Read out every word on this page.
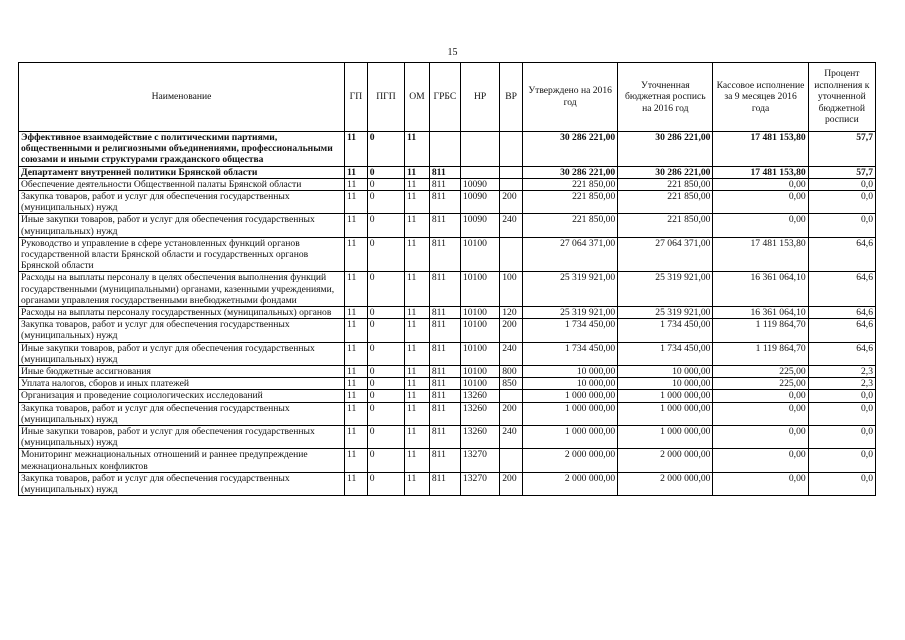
15
Наименование	ГП	ПГП	ОМ	ГРБС	НР	ВР	Утверждено на 2016 год	Уточненная бюджетная роспись на 2016 год	Кассовое исполнение за 9 месяцев 2016 года	Процент исполнения к уточненной бюджетной росписи
Эффективное взаимодействие с политическими партиями, общественными и религиозными объединениями, профессиональными союзами и иными структурами гражданского общества	11	0	11				30 286 221,00	30 286 221,00	17 481 153,80	57,7
Департамент внутренней политики Брянской области	11	0	11	811			30 286 221,00	30 286 221,00	17 481 153,80	57,7
Обеспечение деятельности Общественной палаты Брянской области	11	0	11	811	10090		221 850,00	221 850,00	0,00	0,0
Закупка товаров, работ и услуг для обеспечения государственных (муниципальных) нужд	11	0	11	811	10090	200	221 850,00	221 850,00	0,00	0,0
Иные закупки товаров, работ и услуг для обеспечения государственных (муниципальных) нужд	11	0	11	811	10090	240	221 850,00	221 850,00	0,00	0,0
Руководство и управление в сфере установленных функций органов государственной власти Брянской области и государственных органов Брянской области	11	0	11	811	10100		27 064 371,00	27 064 371,00	17 481 153,80	64,6
Расходы на выплаты персоналу в целях обеспечения выполнения функций государственными (муниципальными) органами, казенными учреждениями, органами управления государственными внебюджетными фондами	11	0	11	811	10100	100	25 319 921,00	25 319 921,00	16 361 064,10	64,6
Расходы на выплаты персоналу государственных (муниципальных) органов	11	0	11	811	10100	120	25 319 921,00	25 319 921,00	16 361 064,10	64,6
Закупка товаров, работ и услуг для обеспечения государственных (муниципальных) нужд	11	0	11	811	10100	200	1 734 450,00	1 734 450,00	1 119 864,70	64,6
Иные закупки товаров, работ и услуг для обеспечения государственных (муниципальных) нужд	11	0	11	811	10100	240	1 734 450,00	1 734 450,00	1 119 864,70	64,6
Иные бюджетные ассигнования	11	0	11	811	10100	800	10 000,00	10 000,00	225,00	2,3
Уплата налогов, сборов и иных платежей	11	0	11	811	10100	850	10 000,00	10 000,00	225,00	2,3
Организация и проведение социологических исследований	11	0	11	811	13260		1 000 000,00	1 000 000,00	0,00	0,0
Закупка товаров, работ и услуг для обеспечения государственных (муниципальных) нужд	11	0	11	811	13260	200	1 000 000,00	1 000 000,00	0,00	0,0
Иные закупки товаров, работ и услуг для обеспечения государственных (муниципальных) нужд	11	0	11	811	13260	240	1 000 000,00	1 000 000,00	0,00	0,0
Мониторинг межнациональных отношений и раннее предупреждение межнациональных конфликтов	11	0	11	811	13270		2 000 000,00	2 000 000,00	0,00	0,0
Закупка товаров, работ и услуг для обеспечения государственных (муниципальных) нужд	11	0	11	811	13270	200	2 000 000,00	2 000 000,00	0,00	0,0
